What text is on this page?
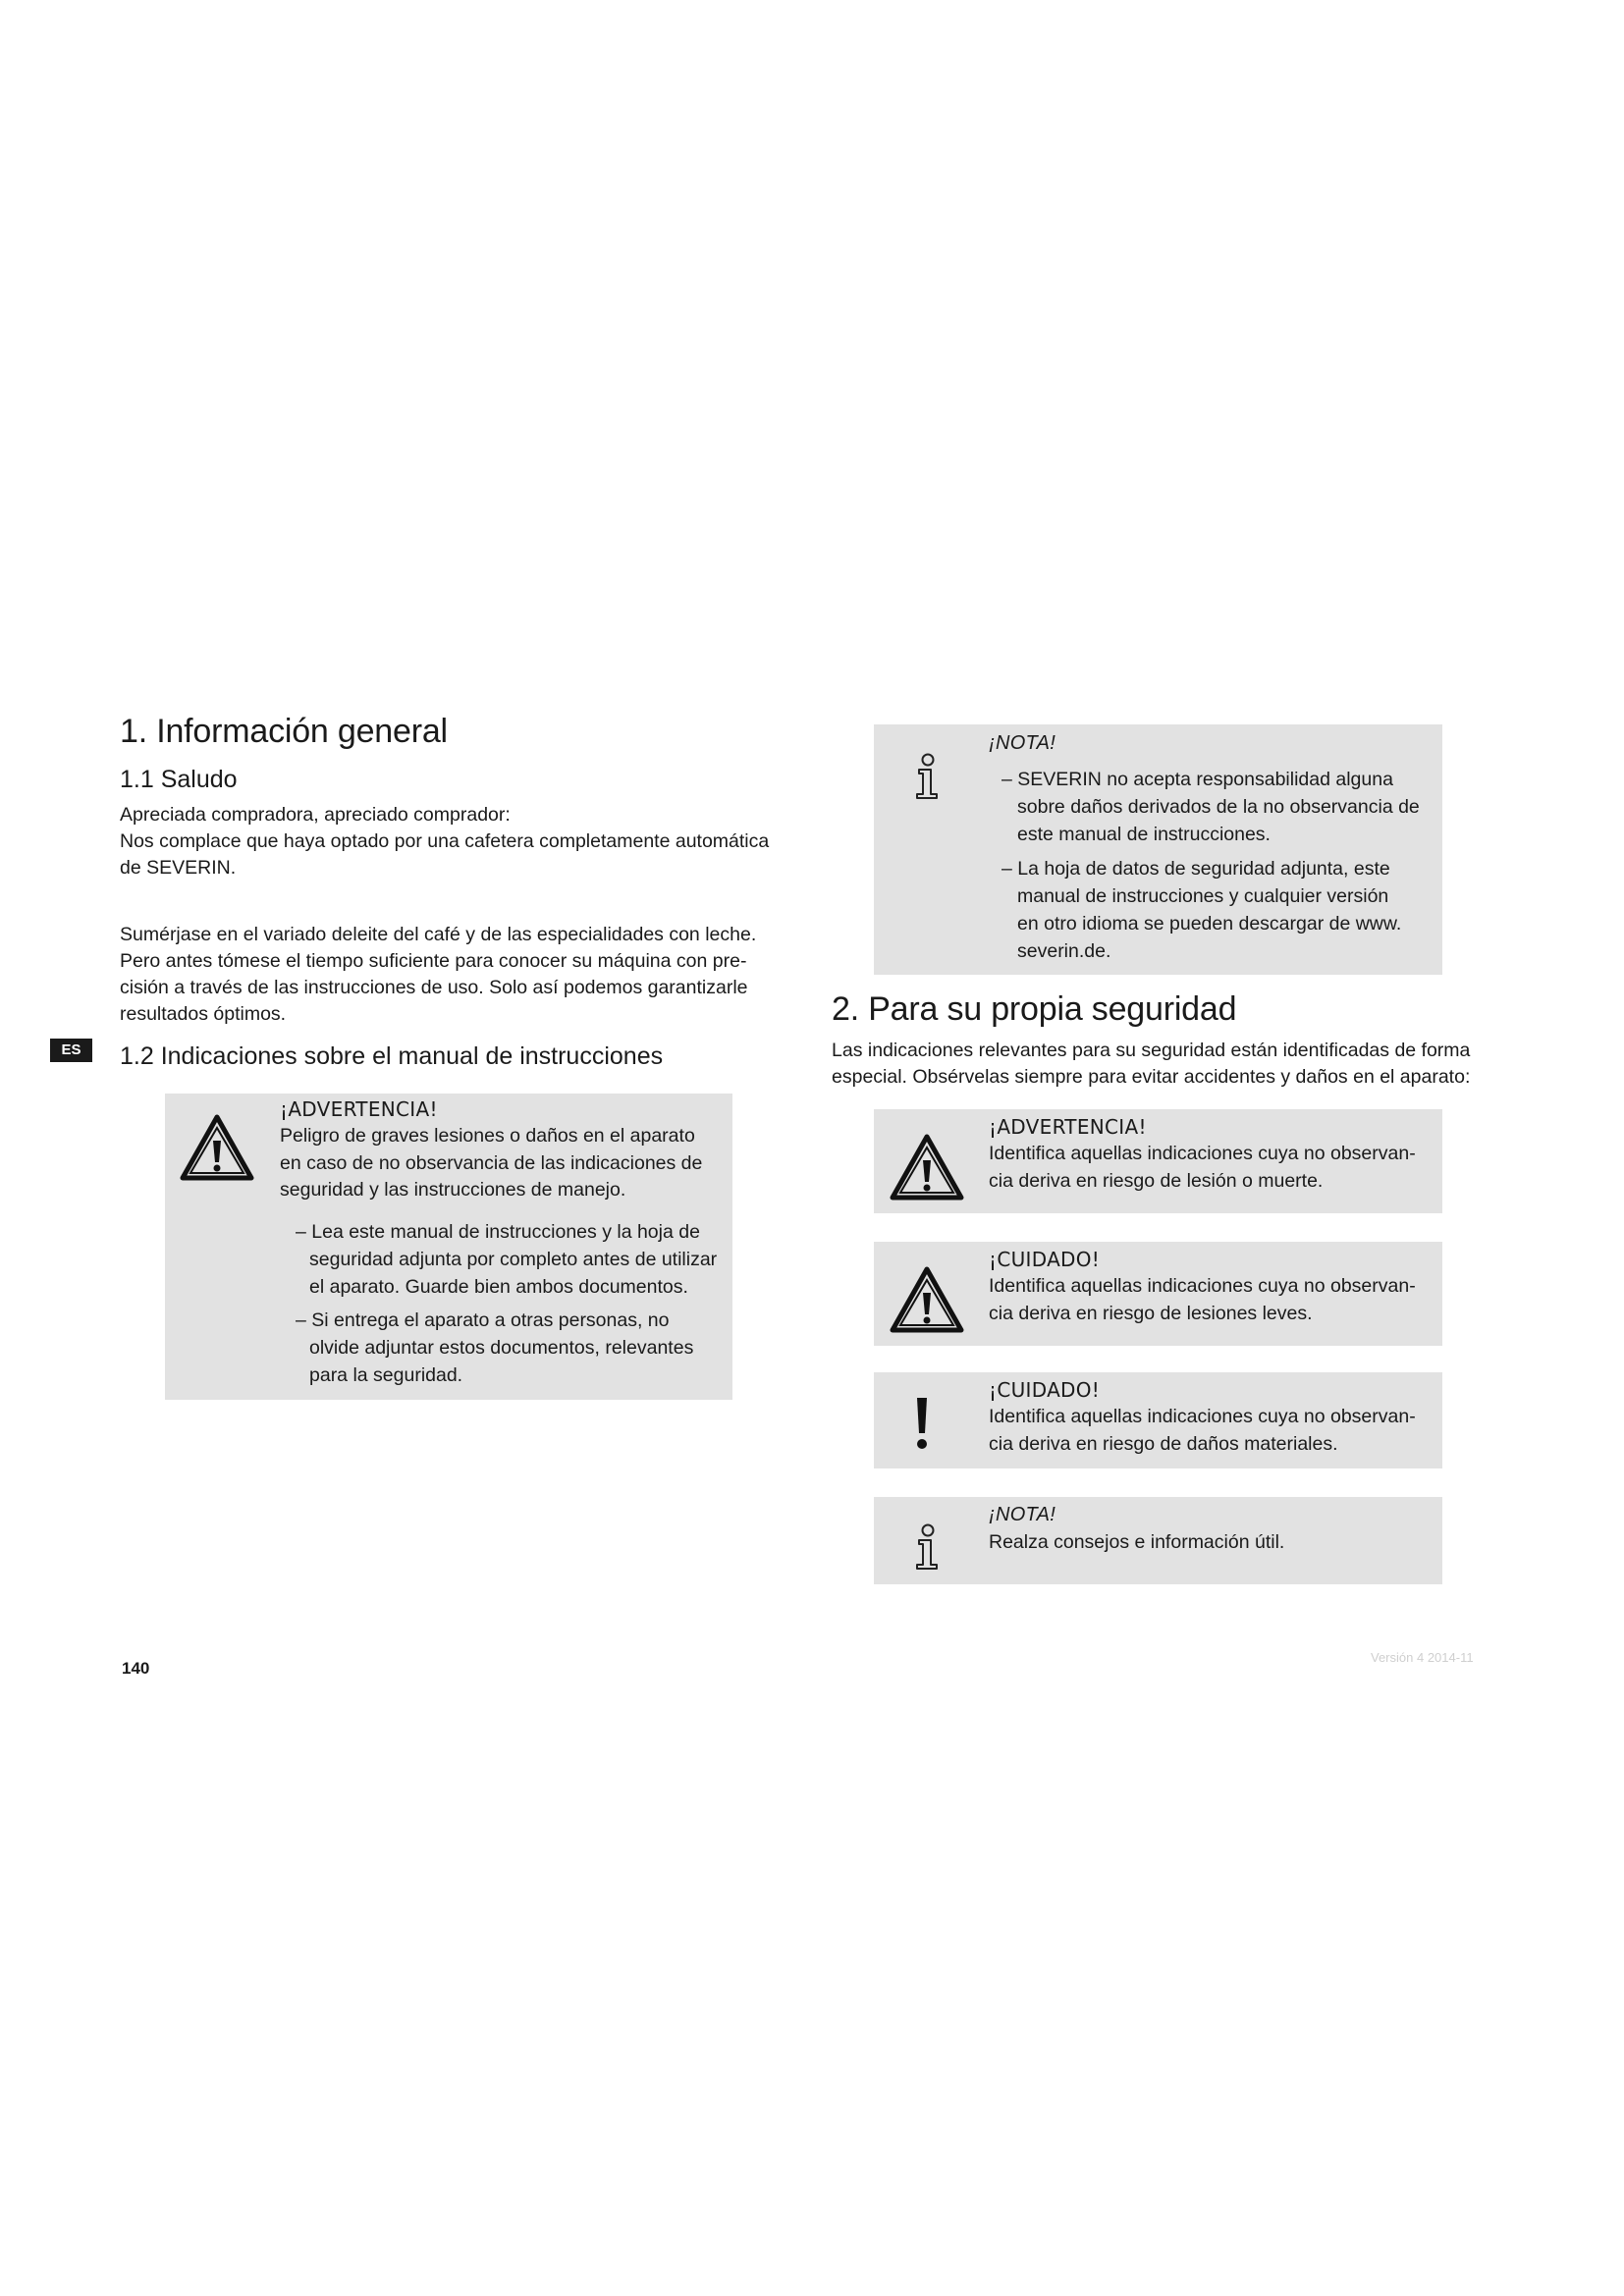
1. Información general
1.1 Saludo
Apreciada compradora, apreciado comprador:
Nos complace que haya optado por una cafetera completamente automática
de SEVERIN.
Sumérjase en el variado deleite del café y de las especialidades con leche.
Pero antes tómese el tiempo suficiente para conocer su máquina con pre-
cisión a través de las instrucciones de uso. Solo así podemos garantizarle
resultados óptimos.
ES	1.2 Indicaciones sobre el manual de instrucciones
¡ADVERTENCIA!
Peligro de graves lesiones o daños en el aparato
en caso de no observancia de las indicaciones de
seguridad y las instrucciones de manejo.
– Lea este manual de instrucciones y la hoja de
seguridad adjunta por completo antes de utilizar
el aparato. Guarde bien ambos documentos.
– Si entrega el aparato a otras personas, no
olvide adjuntar estos documentos, relevantes
para la seguridad.
140
¡NOTA!
– SEVERIN no acepta responsabilidad alguna
sobre daños derivados de la no observancia de
este manual de instrucciones.
– La hoja de datos de seguridad adjunta, este
manual de instrucciones y cualquier versión
en otro idioma se pueden descargar de www.
severin.de.
2. Para su propia seguridad
Las indicaciones relevantes para su seguridad están identificadas de forma
especial. Obsérvelas siempre para evitar accidentes y daños en el aparato:
¡ADVERTENCIA!
Identifica aquellas indicaciones cuya no observan-
cia deriva en riesgo de lesión o muerte.
¡CUIDADO!
Identifica aquellas indicaciones cuya no observan-
cia deriva en riesgo de lesiones leves.
¡CUIDADO!
Identifica aquellas indicaciones cuya no observan-
cia deriva en riesgo de daños materiales.
¡NOTA!
Realza consejos e información útil.
Versión 4 2014-11
